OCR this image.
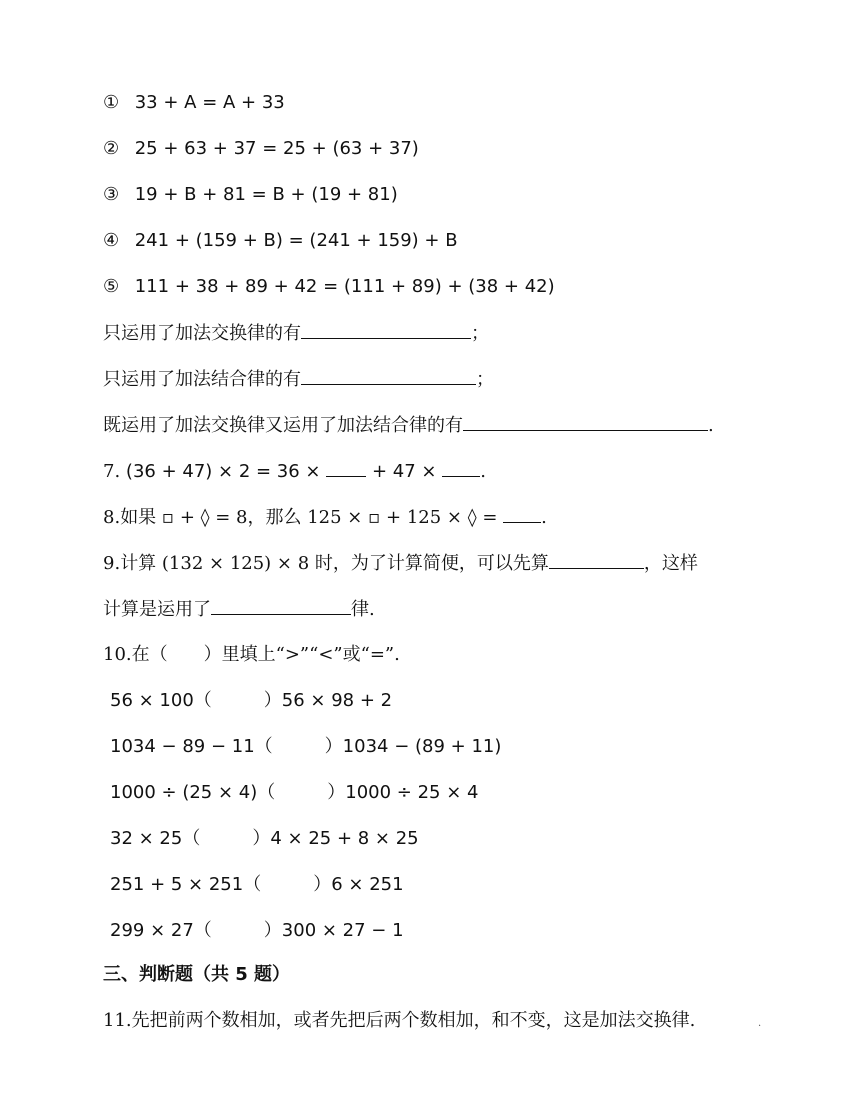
① 33 + A = A + 33
② 25 + 63 + 37 = 25 + (63 + 37)
③ 19 + B + 81 = B + (19 + 81)
④ 241 + (159 + B) = (241 + 159) + B
⑤ 111 + 38 + 89 + 42 = (111 + 89) + (38 + 42)
只运用了加法交换律的有	；
只运用了加法结合律的有	；
既运用了加法交换律又运用了加法结合律的有	.
7. (36 + 47) × 2 = 36 ×	+ 47 × .
8.如果 ▫ + ◊ = 8，那么 125 × ▫ + 125 × ◊ = .
9.计算 (132 × 125) × 8 时，为了计算简便，可以先算	，这样
计算是运用了	律.
10.在（　　）里填上“>”“<”或“=”.
56 × 100（	）56 × 98 + 2
1034 − 89 − 11（	）1034 − (89 + 11)
1000 ÷ (25 × 4)（	）1000 ÷ 25 × 4
32 × 25（	）4 × 25 + 8 × 25
251 + 5 × 251（	）6 × 251
299 × 27（	）300 × 27 − 1
三、判断题（共 5 题）
11.先把前两个数相加，或者先把后两个数相加，和不变，这是加法交换律.	.
